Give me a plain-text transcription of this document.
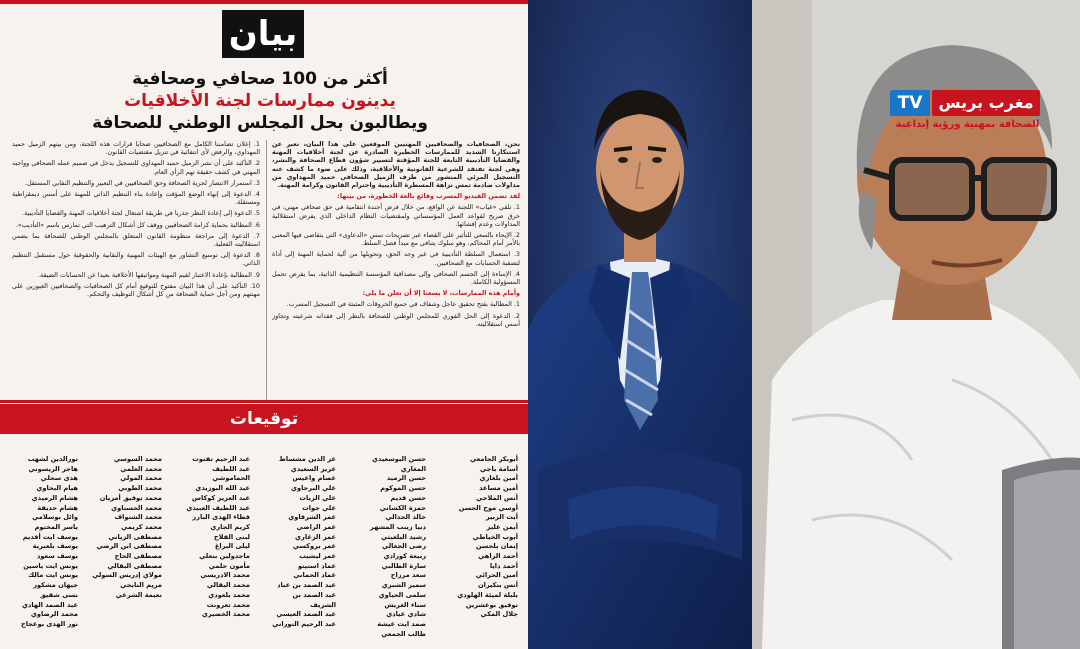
بيان
أكثر من 100 صحافي وصحافية
يدينون ممارسات لجنة الأخلاقيات
ويطالبون بحل المجلس الوطني للصحافة

نحن، الصحافيات والصحافيين المهنيين الموقعين على هذا البيان، نعبر عن استنكارنا الشديد للممارسات الخطيرة الصادرة عن لجنة أخلاقيات المهنة والقضايا التأديبية التابعة للجنة المؤقتة لتسيير شؤون قطاع الصحافة والنشر، وهي لجنة تفتقد للشرعية القانونية والأخلاقية، وذلك على ضوء ما كشف عنه التسجيل المرئي المنشور من طرف الزميل الصحافي حميد المهداوي من مداولات صادمة تمس نزاهة المسطرة التأديبية واحترام القانون وكرامة المهنة.

لقد تضمن الفيديو المسرب وقائع بالغة الخطورة، من بينها:

1. تلقي «غياب» اللجنة عن الواقع، من خلال فرض أجندة انتقامية في حق صحافي مهني، في خرق صريح لقواعد العمل المؤسساتي ولمقتضيات النظام الداخلي الذي يفرض استقلالية المداولات وعدم إفشائها.

2. الإيحاء بالسعي للتأثير على القضاء عبر تصريحات تمس «الدعاوى» التي يتقاضى فيها المعني بالأمر أمام المحاكم، وهو سلوك يتنافى مع مبدأ فصل السلط.

3. استعمال السلطة التأديبية في غير وجه الحق، وتحويلها من آلية لحماية المهنة إلى أداة لتصفية الحسابات مع الصحافيين.

4. الإساءة إلى الجسم الصحافي وإلى مصداقية المؤسسة التنظيمية الذاتية، بما يفرض تحمل المسؤولية الكاملة.

وأمام هذه الممارسات، لا يسعنا إلا أن نعلن ما يلي:

1. المطالبة بفتح تحقيق عاجل وشفاف في جميع الخروقات المثبتة في التسجيل المسرب.

2. الدعوة إلى الحل الفوري للمجلس الوطني للصحافة بالنظر إلى فقدانه شرعيته وتجاوز أسس استقلاليته.

1. إعلان تضامننا الكامل مع الصحافيين ضحايا قرارات هذه اللجنة، ومن بينهم الزميل حميد المهداوي، والرفض لأي انتقائية في تنزيل مقتضيات القانون.

2. التأكيد على أن نشر الزميل حميد المهداوي للتسجيل يدخل في صميم عمله الصحافي وواجبه المهني في كشف حقيقة تهم الرأي العام.

3. استمرار الانتصار لحرية الصحافة وحق الصحافيين في التعبير والتنظيم النقابي المستقل.

4. الدعوة إلى إنهاء الوضع المؤقت وإعادة بناء التنظيم الذاتي للمهنة على أسس ديمقراطية ومستقلة.

5. الدعوة إلى إعادة النظر جذريا في طريقة اشتغال لجنة أخلاقيات المهنة والقضايا التأديبية.

6. المطالبة بحماية كرامة الصحافيين ووقف كل أشكال الترهيب التي تمارس باسم «التأديب».

7. الدعوة إلى مراجعة منظومة القانون المتعلق بالمجلس الوطني للصحافة بما يضمن استقلاليته الفعلية.

8. الدعوة إلى توسيع التشاور مع الهيئات المهنية والنقابية والحقوقية حول مستقبل التنظيم الذاتي.

9. المطالبة بإعادة الاعتبار لقيم المهنة ومواثيقها الأخلاقية بعيدا عن الحسابات الضيقة.

10. التأكيد على أن هذا البيان مفتوح للتوقيع أمام كل الصحافيات والصحافيين الغيورين على مهنتهم ومن أجل حماية الصحافة من كل أشكال التوظيف والتحكم.

توقيعات
أبوبكر الجامعي
أسامة باجي
أمين بلغازي
أمين مساعد
أنس الملاحي
أوسي موح الحسن
أيت الزبير
أيمن عليز
أيوب الخياطي
إيمان بلحسن
أحمد الزاهي
أحمد دايا
أمين الحرائي
أنس بنكيران
بلبلة لميئة الهلودي
توفيق بوعشرين
جلال المكي
حسن البوسعيدي المغاري
حسن الرميد
حسن الموكوم
حسن قديم
حمزة الكشاني
خالد الحدالي
دنيا زينب المشهر
رشيد البلغيثي
رضى الجغالي
ربيعة كورادي
سارة الطالبي
سعد مرزاج
سمير الشبزي
سلمى الحياوي
سناء الغريش
شادي عيادي
صمد ايت عيشة
طالب الجمعي
عز الدين مشساط
عزيز السعيدي
عصام واعيس
علي البرجاوي
علي الزيات
علي جوات
عمر الشرقاوي
عمر الراضي
عمر الزغاري
عمر بروكسي
عمر ليشيب
عماد استيتو
عماد الحماني
عبد الصمد بن عباد
عبد الصمد بن الشريف
عبد الصمد العيسي
عبد الرحيم التوراني
عبد الرحيم تفنوت
عبد اللطيف الحماموشي
عبد الله البوزيدي
عبد العزيز كوكاس
عبد اللطيف العبيدي
فطاء الهدى البارز
كريم الجاري
لبنى الفلاح
ليلى البراغ
ماجدولين بنعلي
مأمون حلمي
محمد الادريسي
محمد البقالي
محمد بلعودي
محمد تعرونت
محمد الخضيري
محمد السوسي
محمد العلمي
محمد المولي
محمد الطوبي
محمد توفيق أمزيان
محمد الحسناوي
محمد الشتواف
محمد كريمي
مصطفى الزياني
مصطفى ابن الرضي
مصطفى الحاج
مصطفى البقالي
مولاي إدريس السولي
مريم النايجي
نعيمة الشرعي
نورالدين لشهب
هاجر الريسوني
هدى سحلي
هيام البخاوي
هشام الرميدي
هشام حديفة
وائل بوسلامي
ياسر المختوم
يوسف ايت أقديم
يوسف بلعبرية
يوسف سعود
يونس ايت ياسين
يونس ايت مالك
جيهان مشكور
نسى شفيق
عبد الصمد الهادي
محمد الرضاوي
نور الهدى بوعجاج
مغرب بريس
TV
الصحافة بمهنية ورؤية إبداعية
